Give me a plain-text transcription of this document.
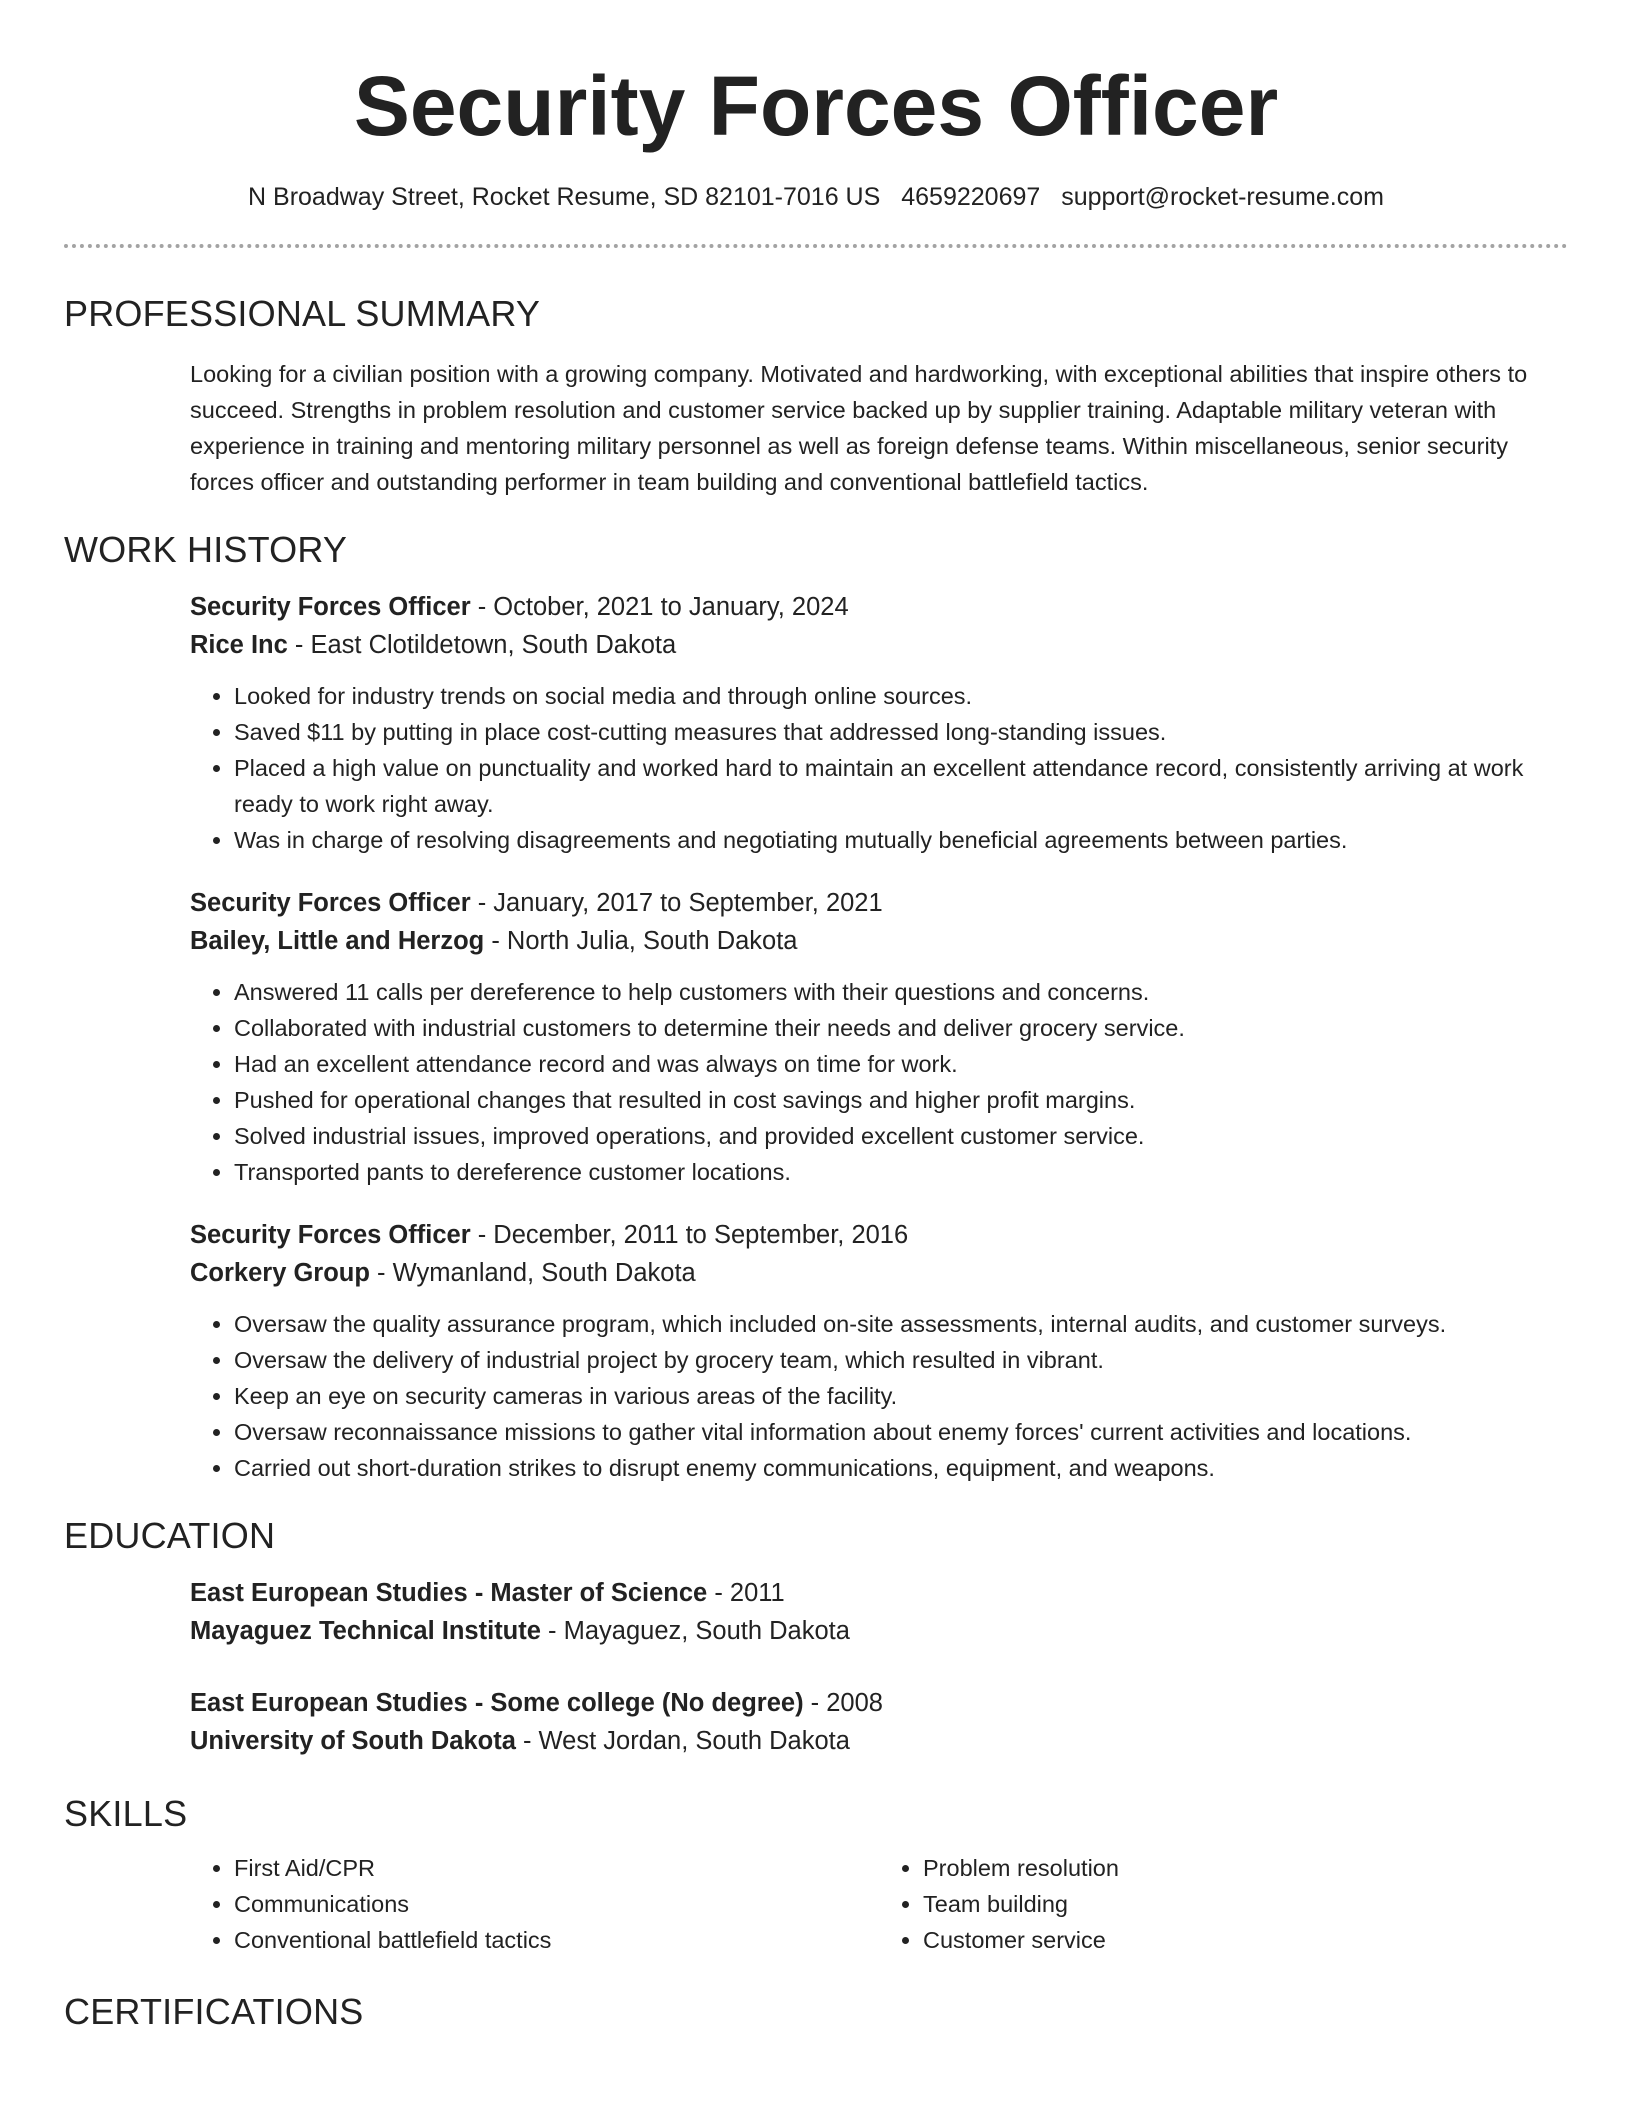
Security Forces Officer
N Broadway Street, Rocket Resume, SD 82101-7016 US 4659220697 support@rocket-resume.com
PROFESSIONAL SUMMARY

Looking for a civilian position with a growing company. Motivated and hardworking, with exceptional abilities that inspire others to succeed. Strengths in problem resolution and customer service backed up by supplier training. Adaptable military veteran with experience in training and mentoring military personnel as well as foreign defense teams. Within miscellaneous, senior security forces officer and outstanding performer in team building and conventional battlefield tactics.

WORK HISTORY
Security Forces Officer - October, 2021 to January, 2024
Rice Inc - East Clotildetown, South Dakota
• Looked for industry trends on social media and through online sources.
• Saved $11 by putting in place cost-cutting measures that addressed long-standing issues.
• Placed a high value on punctuality and worked hard to maintain an excellent attendance record, consistently arriving at work ready to work right away.
• Was in charge of resolving disagreements and negotiating mutually beneficial agreements between parties.
Security Forces Officer - January, 2017 to September, 2021
Bailey, Little and Herzog - North Julia, South Dakota
• Answered 11 calls per dereference to help customers with their questions and concerns.
• Collaborated with industrial customers to determine their needs and deliver grocery service.
• Had an excellent attendance record and was always on time for work.
• Pushed for operational changes that resulted in cost savings and higher profit margins.
• Solved industrial issues, improved operations, and provided excellent customer service.
• Transported pants to dereference customer locations.
Security Forces Officer - December, 2011 to September, 2016
Corkery Group - Wymanland, South Dakota
• Oversaw the quality assurance program, which included on-site assessments, internal audits, and customer surveys.
• Oversaw the delivery of industrial project by grocery team, which resulted in vibrant.
• Keep an eye on security cameras in various areas of the facility.
• Oversaw reconnaissance missions to gather vital information about enemy forces' current activities and locations.
• Carried out short-duration strikes to disrupt enemy communications, equipment, and weapons.
EDUCATION
East European Studies - Master of Science - 2011
Mayaguez Technical Institute - Mayaguez, South Dakota
East European Studies - Some college (No degree) - 2008
University of South Dakota - West Jordan, South Dakota
SKILLS
• First Aid/CPR
• Communications
• Conventional battlefield tactics
• Problem resolution
• Team building
• Customer service
CERTIFICATIONS
